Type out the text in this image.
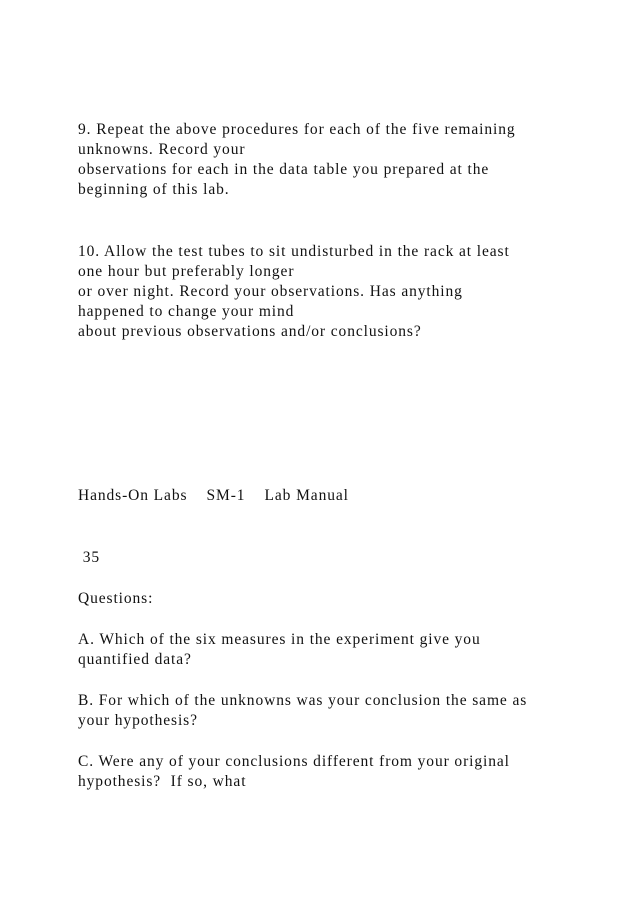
9. Repeat the above procedures for each of the five remaining

unknowns. Record your

observations for each in the data table you prepared at the

beginning of this lab.

10. Allow the test tubes to sit undisturbed in the rack at least

one hour but preferably longer

or over night. Record your observations. Has anything

happened to change your mind

about previous observations and/or conclusions?

Hands-On Labs    SM-1    Lab Manual

35

Questions:

A. Which of the six measures in the experiment give you

quantified data?

B. For which of the unknowns was your conclusion the same as

your hypothesis?

C. Were any of your conclusions different from your original

hypothesis?  If so, what
